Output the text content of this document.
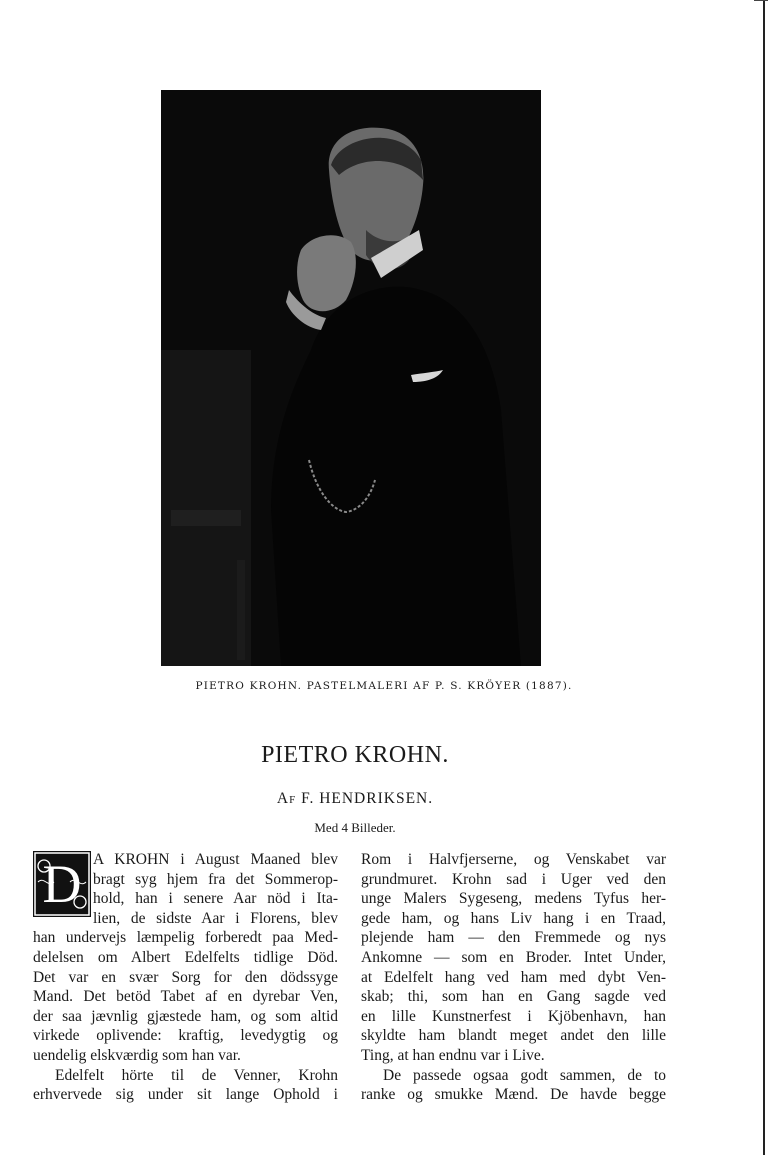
PIETRO KROHN. PASTELMALERI AF P. S. KRÖYER (1887).
PIETRO KROHN.
Af F. HENDRIKSEN.
Med 4 Billeder.
D A KROHN i August Maaned blev
bragt syg hjem fra det Sommerop-
hold, han i senere Aar nöd i Ita-
lien, de sidste Aar i Florens, blev
han undervejs læmpelig forberedt paa Med-
delelsen om Albert Edelfelts tidlige Död.
Det var en svær Sorg for den dödssyge
Mand. Det betöd Tabet af en dyrebar Ven,
der saa jævnlig gjæstede ham, og som altid
virkede oplivende: kraftig, levedygtig og
uendelig elskværdig som han var.
Edelfelt hörte til de Venner, Krohn
erhvervede sig under sit lange Ophold i
Rom i Halvfjerserne, og Venskabet var
grundmuret. Krohn sad i Uger ved den
unge Malers Sygeseng, medens Tyfus her-
gede ham, og hans Liv hang i en Traad,
plejende ham — den Fremmede og nys
Ankomne — som en Broder. Intet Under,
at Edelfelt hang ved ham med dybt Ven-
skab; thi, som han en Gang sagde ved
en lille Kunstnerfest i Kjöbenhavn, han
skyldte ham blandt meget andet den lille
Ting, at han endnu var i Live.
De passede ogsaa godt sammen, de to
ranke og smukke Mænd. De havde begge
